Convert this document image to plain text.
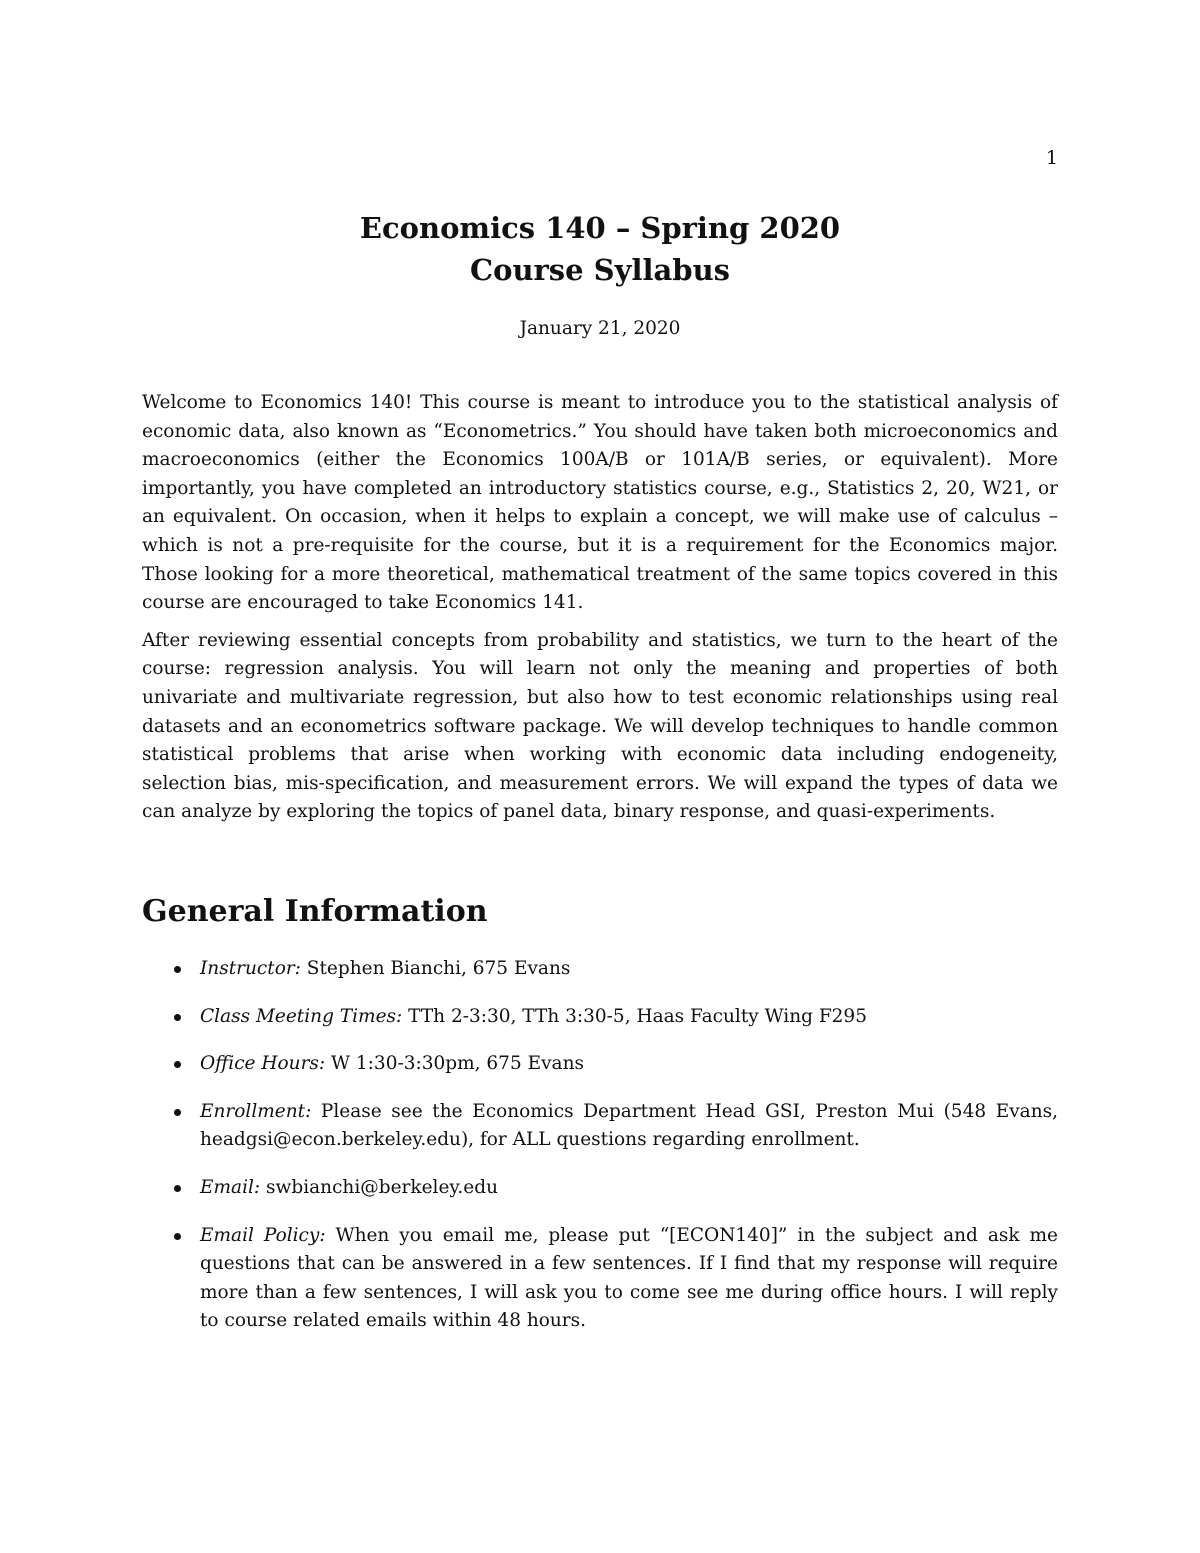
1
Economics 140 – Spring 2020
Course Syllabus
January 21, 2020

Welcome to Economics 140! This course is meant to introduce you to the statistical analysis of economic data, also known as “Econometrics.” You should have taken both microeconomics and macroeconomics (either the Economics 100A/B or 101A/B series, or equivalent). More importantly, you have completed an introductory statistics course, e.g., Statistics 2, 20, W21, or an equivalent. On occasion, when it helps to explain a concept, we will make use of calculus – which is not a pre-requisite for the course, but it is a requirement for the Economics major. Those looking for a more theoretical, mathematical treatment of the same topics covered in this course are encouraged to take Economics 141.

After reviewing essential concepts from probability and statistics, we turn to the heart of the course: regression analysis. You will learn not only the meaning and properties of both univariate and multivariate regression, but also how to test economic relationships using real datasets and an econometrics software package. We will develop techniques to handle common statistical problems that arise when working with economic data including endogeneity, selection bias, mis-specification, and measurement errors. We will expand the types of data we can analyze by exploring the topics of panel data, binary response, and quasi-experiments.

General Information
Instructor: Stephen Bianchi, 675 Evans
Class Meeting Times: TTh 2-3:30, TTh 3:30-5, Haas Faculty Wing F295
Office Hours: W 1:30-3:30pm, 675 Evans
Enrollment: Please see the Economics Department Head GSI, Preston Mui (548 Evans, headgsi@econ.berkeley.edu), for ALL questions regarding enrollment.
Email: swbianchi@berkeley.edu
Email Policy: When you email me, please put “[ECON140]” in the subject and ask me questions that can be answered in a few sentences. If I find that my response will require more than a few sentences, I will ask you to come see me during office hours. I will reply to course related emails within 48 hours.
